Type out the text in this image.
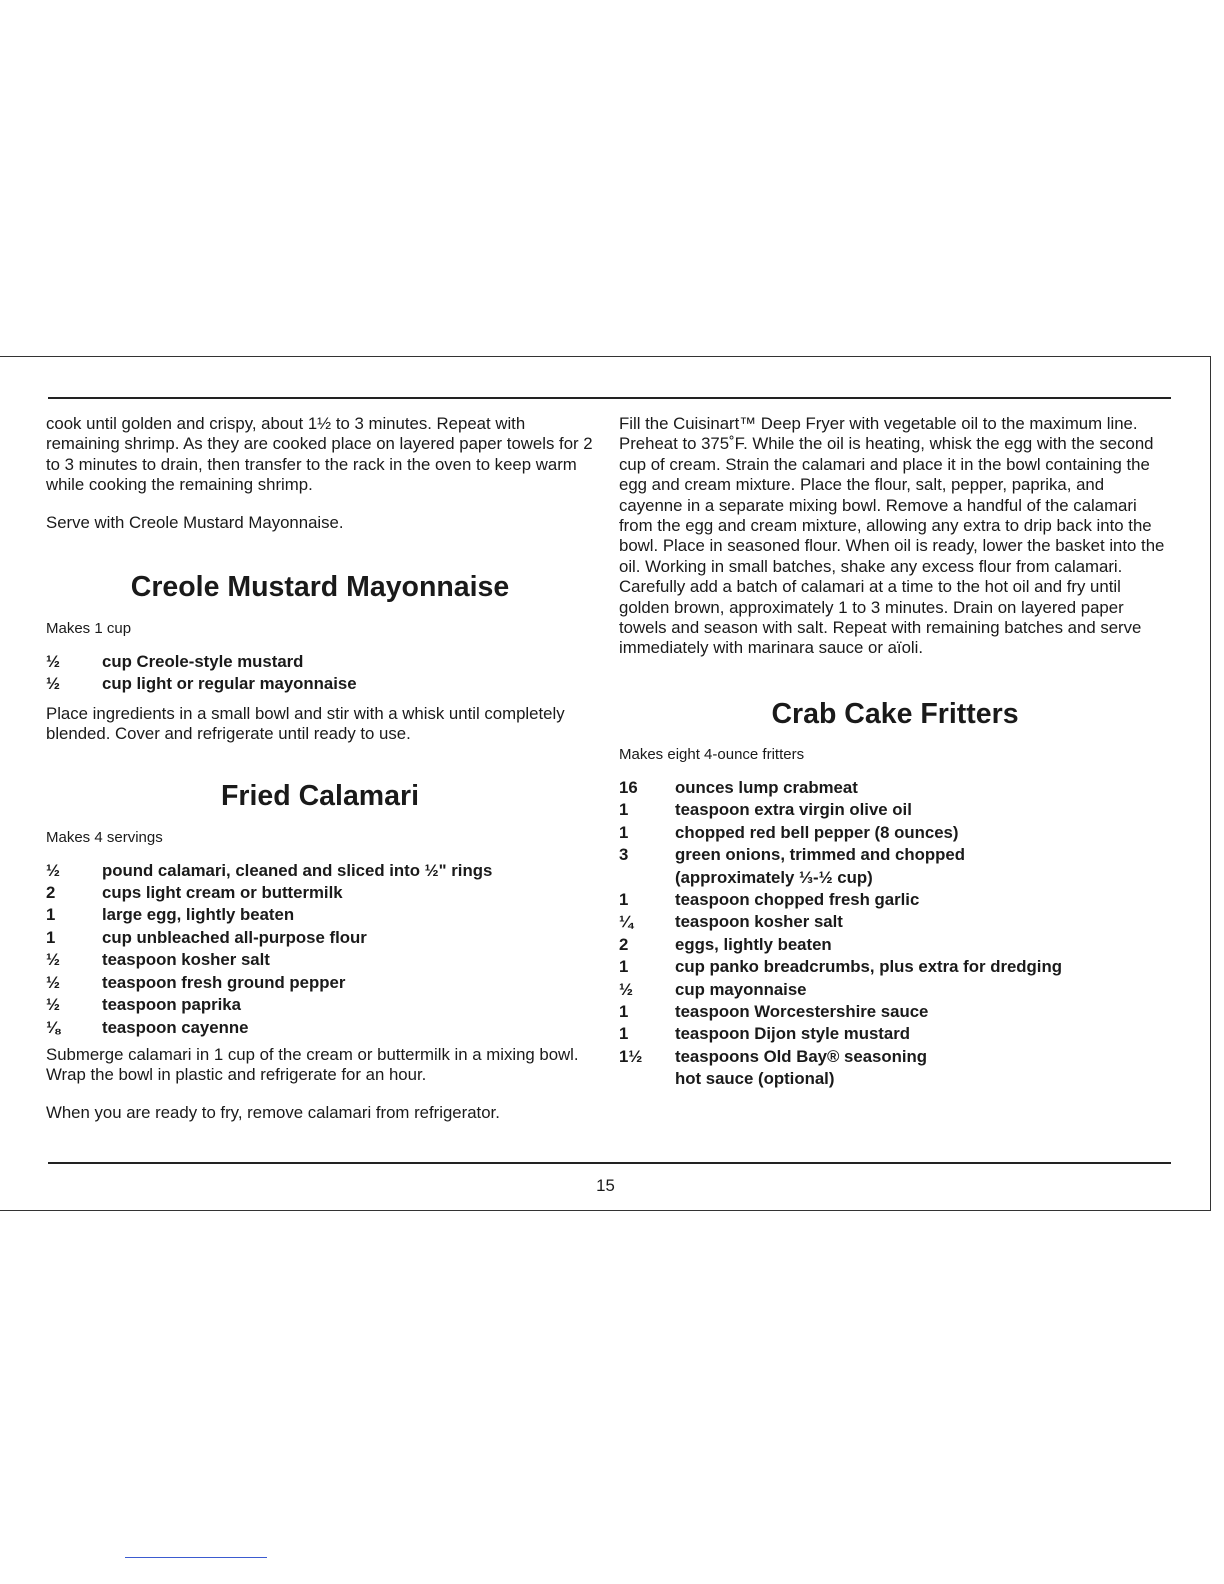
cook until golden and crispy, about 1½ to 3 minutes. Repeat with remaining shrimp. As they are cooked place on layered paper towels for 2 to 3 minutes to drain, then transfer to the rack in the oven to keep warm while cooking the remaining shrimp.

Serve with Creole Mustard Mayonnaise.

Creole Mustard Mayonnaise

Makes 1 cup

½	cup Creole-style mustard
½	cup light or regular mayonnaise

Place ingredients in a small bowl and stir with a whisk until completely blended. Cover and refrigerate until ready to use.

Fried Calamari

Makes 4 servings

½	pound calamari, cleaned and sliced into ½" rings
2	cups light cream or buttermilk
1	large egg, lightly beaten
1	cup unbleached all-purpose flour
½	teaspoon kosher salt
½	teaspoon fresh ground pepper
½	teaspoon paprika
⅛	teaspoon cayenne

Submerge calamari in 1 cup of the cream or buttermilk in a mixing bowl. Wrap the bowl in plastic and refrigerate for an hour.

When you are ready to fry, remove calamari from refrigerator.

Fill the Cuisinart™ Deep Fryer with vegetable oil to the maximum line. Preheat to 375˚F. While the oil is heating, whisk the egg with the second cup of cream. Strain the calamari and place it in the bowl containing the egg and cream mixture. Place the flour, salt, pepper, paprika, and cayenne in a separate mixing bowl. Remove a handful of the calamari from the egg and cream mixture, allowing any extra to drip back into the bowl. Place in seasoned flour. When oil is ready, lower the basket into the oil. Working in small batches, shake any excess flour from calamari. Carefully add a batch of calamari at a time to the hot oil and fry until golden brown, approximately 1 to 3 minutes. Drain on layered paper towels and season with salt. Repeat with remaining batches and serve immediately with marinara sauce or aïoli.

Crab Cake Fritters

Makes eight 4-ounce fritters

16	ounces lump crabmeat
1	teaspoon extra virgin olive oil
1	chopped red bell pepper (8 ounces)
3	green onions, trimmed and chopped
(approximately ⅓-½ cup)
1	teaspoon chopped fresh garlic
¼	teaspoon kosher salt
2	eggs, lightly beaten
1	cup panko breadcrumbs, plus extra for dredging
½	cup mayonnaise
1	teaspoon Worcestershire sauce
1	teaspoon Dijon style mustard
1½	teaspoons Old Bay® seasoning
hot sauce (optional)
15
